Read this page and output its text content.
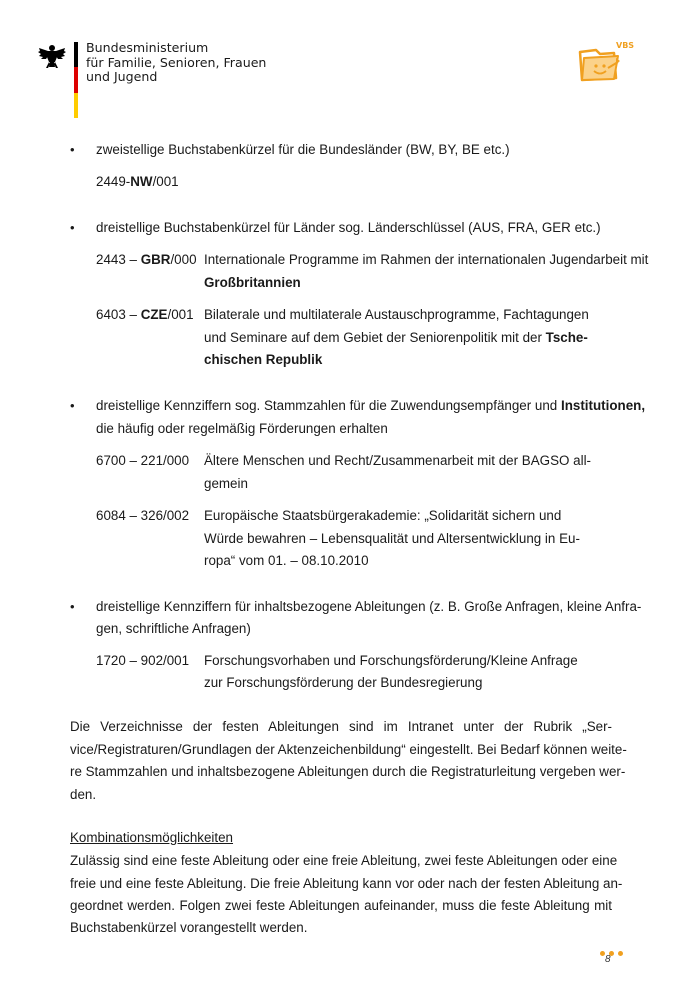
Bundesministerium
für Familie, Senioren, Frauen
und Jugend
VBS
• zweistellige Buchstabenkürzel für die Bundesländer (BW, BY, BE etc.)
2449-NW/001
• dreistellige Buchstabenkürzel für Länder sog. Länderschlüssel (AUS, FRA, GER etc.)
2443 – GBR/000 Internationale Programme im Rahmen der internationalen Jugendarbeit mit
Großbritannien
6403 – CZE/001 Bilaterale und multilaterale Austauschprogramme, Fachtagungen
und Seminare auf dem Gebiet der Seniorenpolitik mit der Tsche-
chischen Republik
• dreistellige Kennziffern sog. Stammzahlen für die Zuwendungsempfänger und Institutionen,
die häufig oder regelmäßig Förderungen erhalten
6700 – 221/000 Ältere Menschen und Recht/Zusammenarbeit mit der BAGSO all-
gemein
6084 – 326/002 Europäische Staatsbürgerakademie: „Solidarität sichern und
Würde bewahren – Lebensqualität und Altersentwicklung in Eu-
ropa“ vom 01. – 08.10.2010
• dreistellige Kennziffern für inhaltsbezogene Ableitungen (z. B. Große Anfragen, kleine Anfra-
gen, schriftliche Anfragen)
1720 – 902/001 Forschungsvorhaben und Forschungsförderung/Kleine Anfrage
zur Forschungsförderung der Bundesregierung
Die Verzeichnisse der festen Ableitungen sind im Intranet unter der Rubrik „Ser-
vice/Registraturen/Grundlagen der Aktenzeichenbildung“ eingestellt. Bei Bedarf können weite-
re Stammzahlen und inhaltsbezogene Ableitungen durch die Registraturleitung vergeben wer-
den.
Kombinationsmöglichkeiten
Zulässig sind eine feste Ableitung oder eine freie Ableitung, zwei feste Ableitungen oder eine
freie und eine feste Ableitung. Die freie Ableitung kann vor oder nach der festen Ableitung an-
geordnet werden. Folgen zwei feste Ableitungen aufeinander, muss die feste Ableitung mit
Buchstabenkürzel vorangestellt werden.
8
